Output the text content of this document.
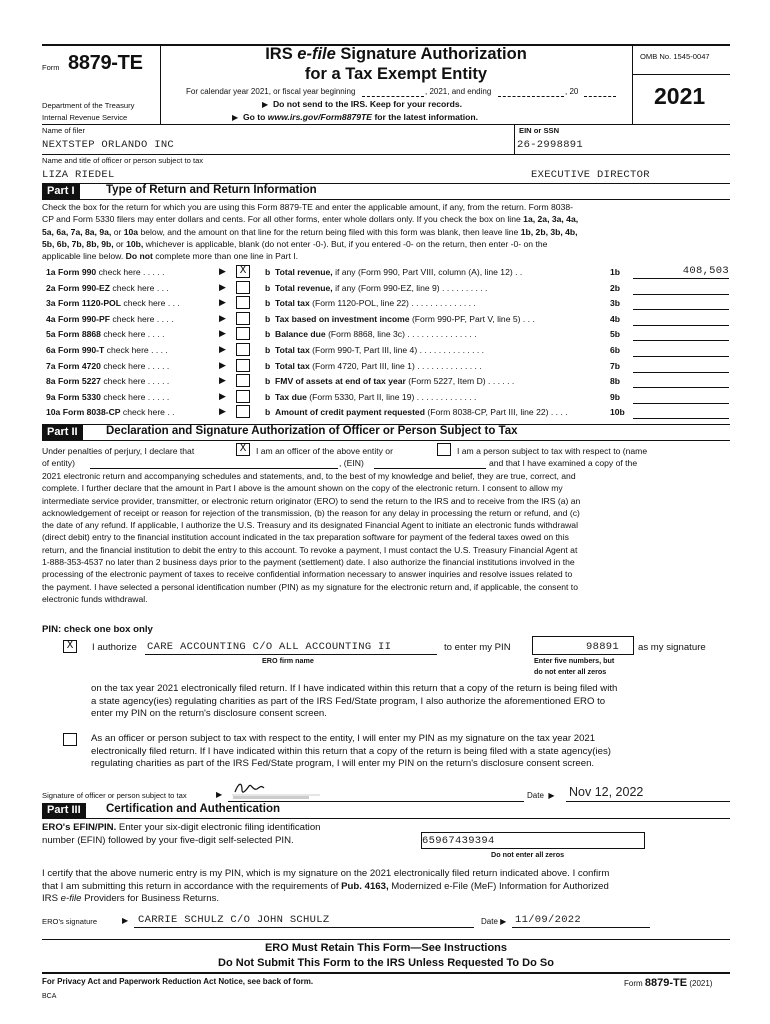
Form 8879-TE
Department of the Treasury
Internal Revenue Service
IRS e-file Signature Authorization
for a Tax Exempt Entity
For calendar year 2021, or fiscal year beginning	, 2021, and ending	, 20
▶ Do not send to the IRS. Keep for your records.
▶ Go to www.irs.gov/Form8879TE for the latest information.
OMB No. 1545-0047
2021
Name of filer	EIN or SSN
NEXTSTEP ORLANDO INC	26-2998891
Name and title of officer or person subject to tax
LIZA RIEDEL	EXECUTIVE DIRECTOR
Part I	Type of Return and Return Information
Check the box for the return for which you are using this Form 8879-TE and enter the applicable amount, if any, from the return. Form 8038-
CP and Form 5330 filers may enter dollars and cents. For all other forms, enter whole dollars only. If you check the box on line 1a, 2a, 3a, 4a,
5a, 6a, 7a, 8a, 9a, or 10a below, and the amount on that line for the return being filed with this form was blank, then leave line 1b, 2b, 3b, 4b,
5b, 6b, 7b, 8b, 9b, or 10b, whichever is applicable, blank (do not enter -0-). But, if you entered -0- on the return, then enter -0- on the
applicable line below. Do not complete more than one line in Part I.
1a Form 990 check here . . . . .	▶	X	b Total revenue, if any (Form 990, Part VIII, column (A), line 12) . .	1b	408,503
2a Form 990-EZ check here . . .	▶	b Total revenue, if any (Form 990-EZ, line 9) . . . . . . . . . .	2b
3a Form 1120-POL check here . . .	▶	b Total tax (Form 1120-POL, line 22) . . . . . . . . . . . . . .	3b
4a Form 990-PF check here . . . .	▶	b Tax based on investment income (Form 990-PF, Part V, line 5) . . .	4b
5a Form 8868 check here . . . .	▶	b Balance due (Form 8868, line 3c) . . . . . . . . . . . . . . .	5b
6a Form 990-T check here . . . .	▶	b Total tax (Form 990-T, Part III, line 4) . . . . . . . . . . . . . .	6b
7a Form 4720 check here . . . . .	▶	b Total tax (Form 4720, Part III, line 1) . . . . . . . . . . . . . .	7b
8a Form 5227 check here . . . . .	▶	b FMV of assets at end of tax year (Form 5227, Item D) . . . . . .	8b
9a Form 5330 check here . . . . .	▶	b Tax due (Form 5330, Part II, line 19) . . . . . . . . . . . . .	9b
10a Form 8038-CP check here . .	▶	b Amount of credit payment requested (Form 8038-CP, Part III, line 22) . . . .	10b
Part II	Declaration and Signature Authorization of Officer or Person Subject to Tax
Under penalties of perjury, I declare that	X	I am an officer of the above entity or	I am a person subject to tax with respect to (name
of entity)	, (EIN)	and that I have examined a copy of the
2021 electronic return and accompanying schedules and statements, and, to the best of my knowledge and belief, they are true, correct, and
complete. I further declare that the amount in Part I above is the amount shown on the copy of the electronic return. I consent to allow my
intermediate service provider, transmitter, or electronic return originator (ERO) to send the return to the IRS and to receive from the IRS (a) an
acknowledgement of receipt or reason for rejection of the transmission, (b) the reason for any delay in processing the return or refund, and (c)
the date of any refund. If applicable, I authorize the U.S. Treasury and its designated Financial Agent to initiate an electronic funds withdrawal
(direct debit) entry to the financial institution account indicated in the tax preparation software for payment of the federal taxes owed on this
return, and the financial institution to debit the entry to this account. To revoke a payment, I must contact the U.S. Treasury Financial Agent at
1-888-353-4537 no later than 2 business days prior to the payment (settlement) date. I also authorize the financial institutions involved in the
processing of the electronic payment of taxes to receive confidential information necessary to answer inquiries and resolve issues related to
the payment. I have selected a personal identification number (PIN) as my signature for the electronic return and, if applicable, the consent to
electronic funds withdrawal.
PIN: check one box only
X	I authorize CARE ACCOUNTING C/O ALL ACCOUNTING II
ERO firm name
to enter my PIN	98891 as my signature
Enter five numbers, but
do not enter all zeros
on the tax year 2021 electronically filed return. If I have indicated within this return that a copy of the return is being filed with
a state agency(ies) regulating charities as part of the IRS Fed/State program, I also authorize the aforementioned ERO to
enter my PIN on the return's disclosure consent screen.
As an officer or person subject to tax with respect to the entity, I will enter my PIN as my signature on the tax year 2021
electronically filed return. If I have indicated within this return that a copy of the return is being filed with a state agency(ies)
regulating charities as part of the IRS Fed/State program, I will enter my PIN on the return's disclosure consent screen.
Signature of officer or person subject to tax	▶	Date ▶ Nov 12, 2022
Part III	Certification and Authentication
ERO's EFIN/PIN. Enter your six-digit electronic filing identification
number (EFIN) followed by your five-digit self-selected PIN.	65967439394
Do not enter all zeros
I certify that the above numeric entry is my PIN, which is my signature on the 2021 electronically filed return indicated above. I confirm
that I am submitting this return in accordance with the requirements of Pub. 4163, Modernized e-File (MeF) Information for Authorized
IRS e-file Providers for Business Returns.
ERO's signature	▶ CARRIE SCHULZ C/O JOHN SCHULZ	Date ▶ 11/09/2022
ERO Must Retain This Form—See Instructions
Do Not Submit This Form to the IRS Unless Requested To Do So
For Privacy Act and Paperwork Reduction Act Notice, see back of form.	Form 8879-TE (2021)
BCA
